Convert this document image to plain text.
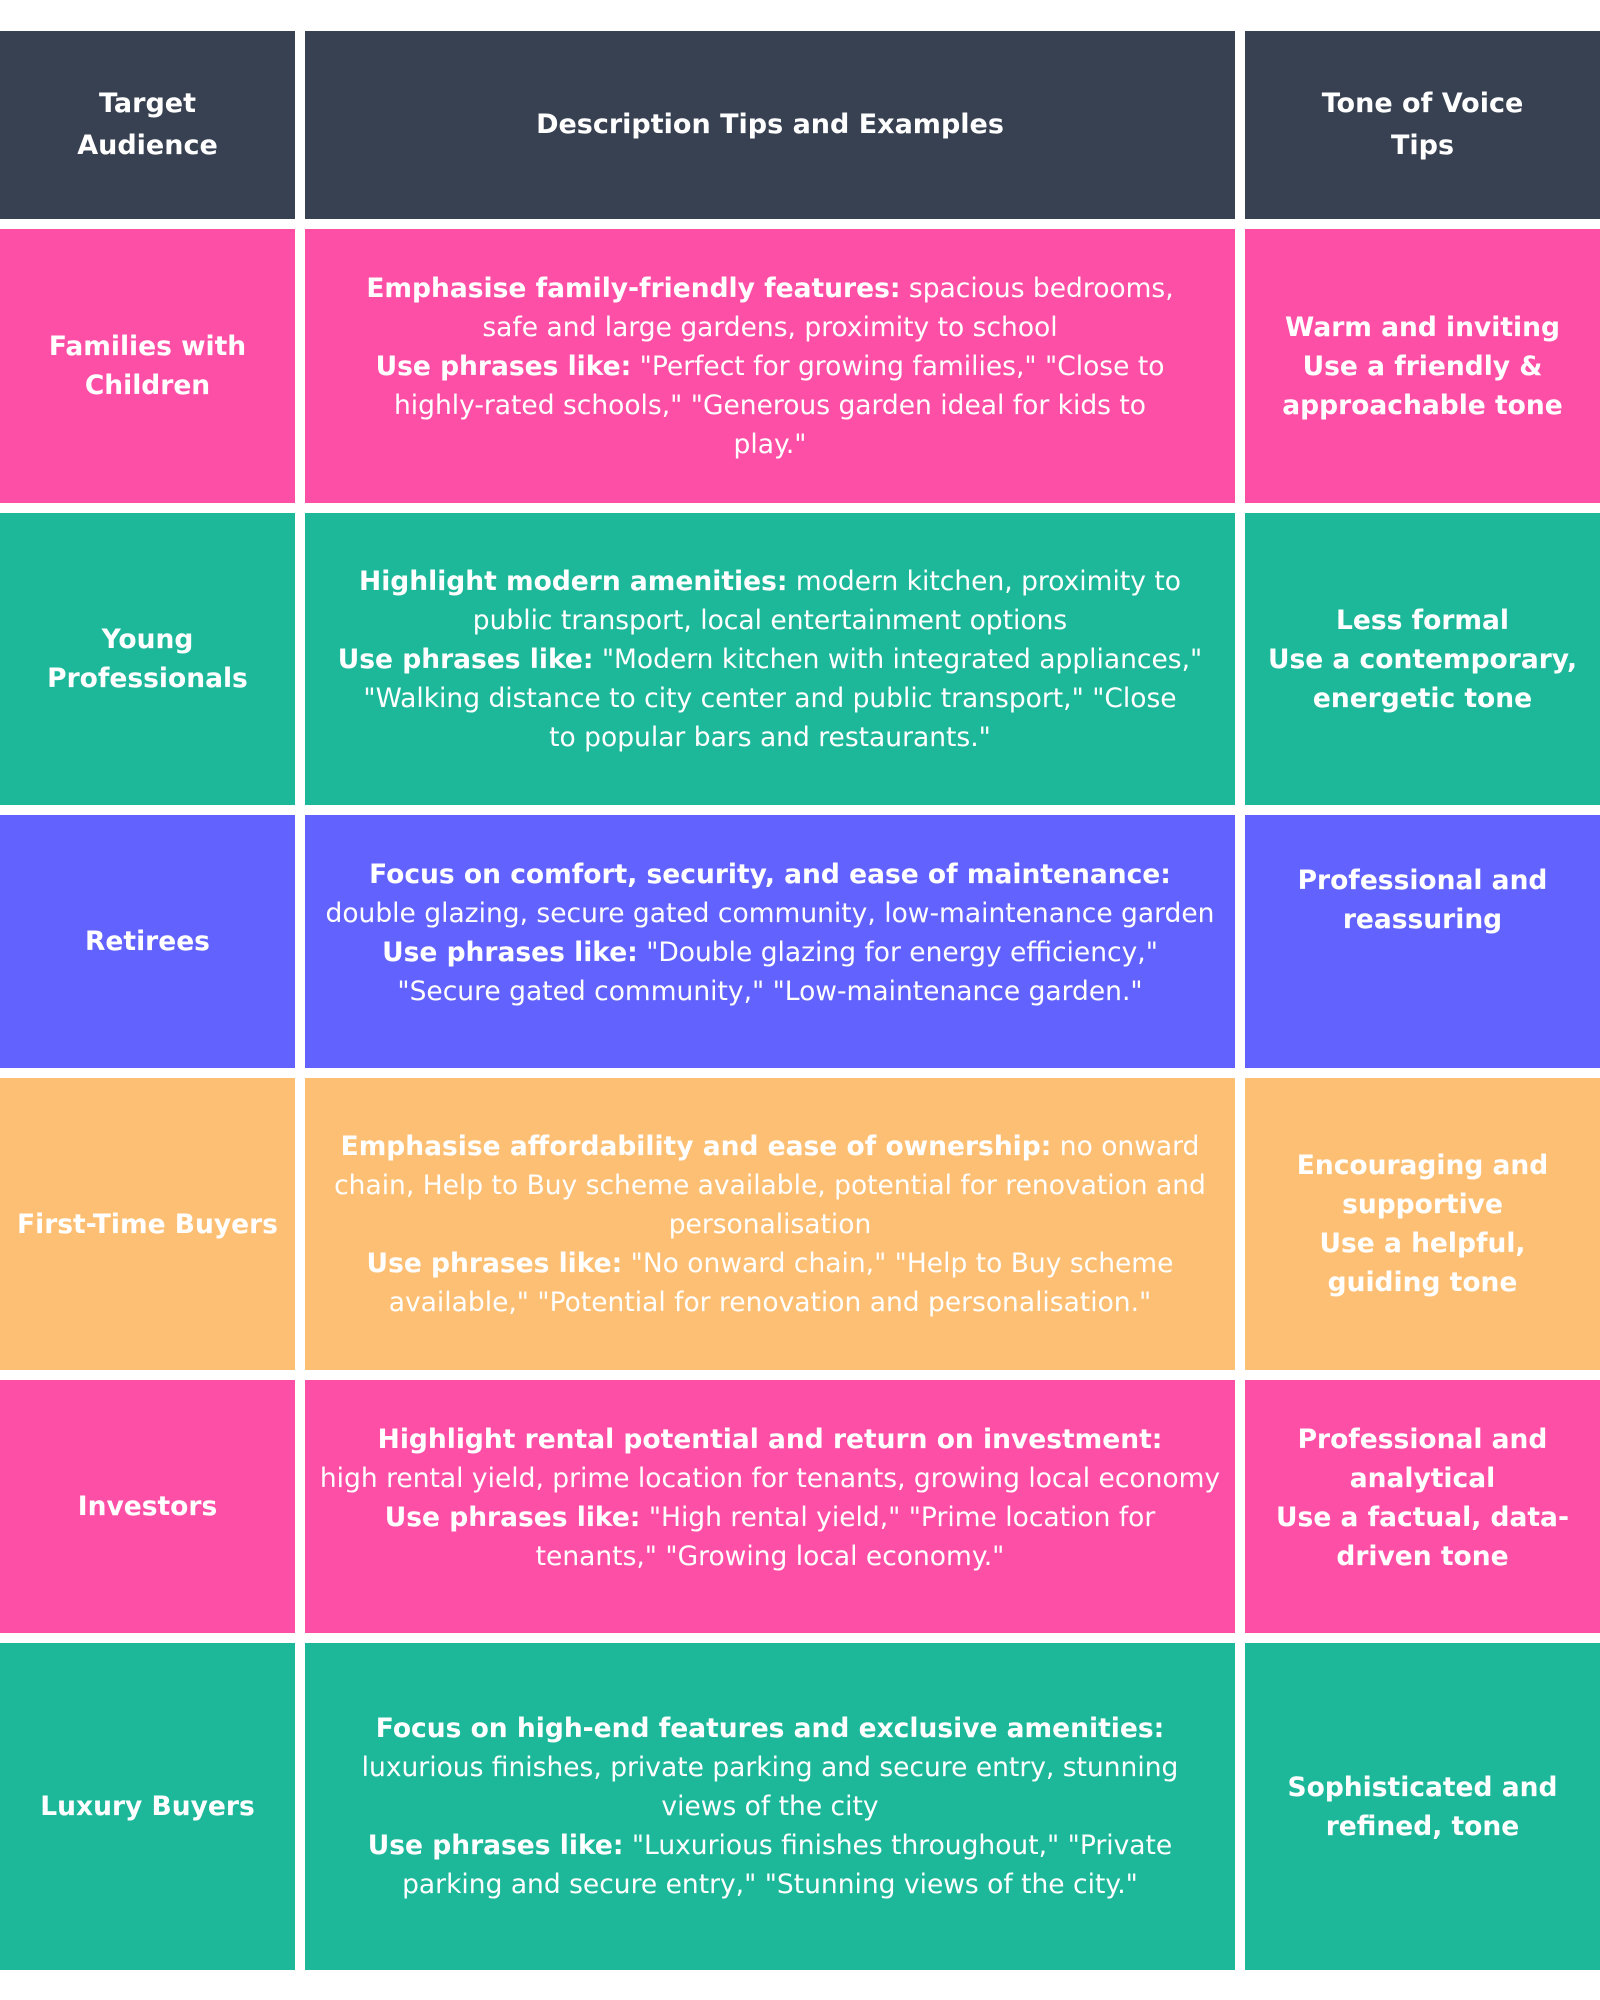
Target
Audience
Description Tips and Examples
Tone of Voice
Tips
Families with
Children
Emphasise family-friendly features: spacious bedrooms,
safe and large gardens, proximity to school
Use phrases like: "Perfect for growing families," "Close to
highly-rated schools," "Generous garden ideal for kids to
play."
Warm and inviting
Use a friendly &
approachable tone
Young
Professionals
Highlight modern amenities: modern kitchen, proximity to
public transport, local entertainment options
Use phrases like: "Modern kitchen with integrated appliances,"
"Walking distance to city center and public transport," "Close
to popular bars and restaurants."
Less formal
Use a contemporary,
energetic tone
Retirees
Focus on comfort, security, and ease of maintenance:
double glazing, secure gated community, low-maintenance garden
Use phrases like: "Double glazing for energy efficiency,"
"Secure gated community," "Low-maintenance garden."
Professional and
reassuring
First-Time Buyers
Emphasise affordability and ease of ownership: no onward
chain, Help to Buy scheme available, potential for renovation and
personalisation
Use phrases like: "No onward chain," "Help to Buy scheme
available," "Potential for renovation and personalisation."
Encouraging and
supportive
Use a helpful,
guiding tone
Investors
Highlight rental potential and return on investment:
high rental yield, prime location for tenants, growing local economy
Use phrases like: "High rental yield," "Prime location for
tenants," "Growing local economy."
Professional and
analytical
Use a factual, data-
driven tone
Luxury Buyers
Focus on high-end features and exclusive amenities:
luxurious finishes, private parking and secure entry, stunning
views of the city
Use phrases like: "Luxurious finishes throughout," "Private
parking and secure entry," "Stunning views of the city."
Sophisticated and
refined, tone
